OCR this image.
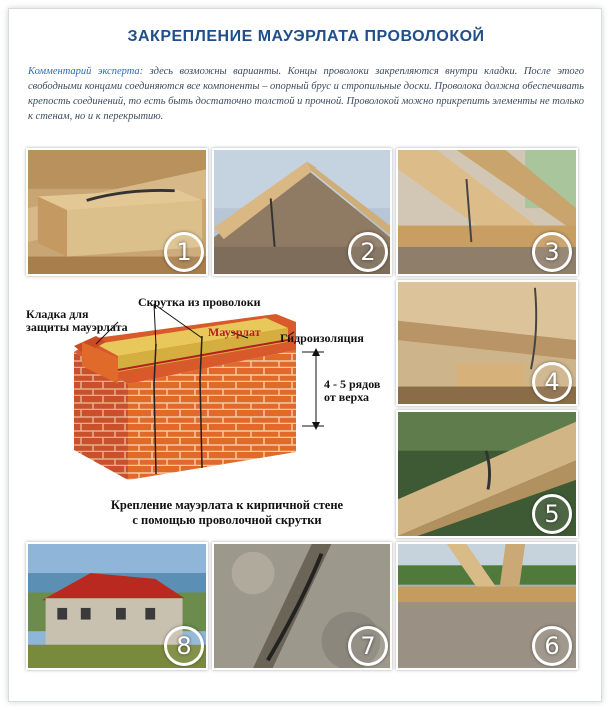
ЗАКРЕПЛЕНИЕ МАУЭРЛАТА ПРОВОЛОКОЙ
Комментарий эксперта: здесь возможны варианты. Концы проволоки закрепляются внутри кладки. После этого свободными концами соединяются все компоненты – опорный брус и стропильные доски. Проволока должна обеспечивать крепость соединений, то есть быть достаточно толстой и прочной. Проволокой можно прикрепить элементы не только к стенам, но и к перекрытию.
1	2	3
4
5
6
7
8
Кладка для
защиты мауэрлата
Скрутка из проволоки
Мауэрлат Гидроизоляция
4 - 5 рядов
от верха
Крепление мауэрлата к кирпичной стене
с помощью проволочной скрутки
